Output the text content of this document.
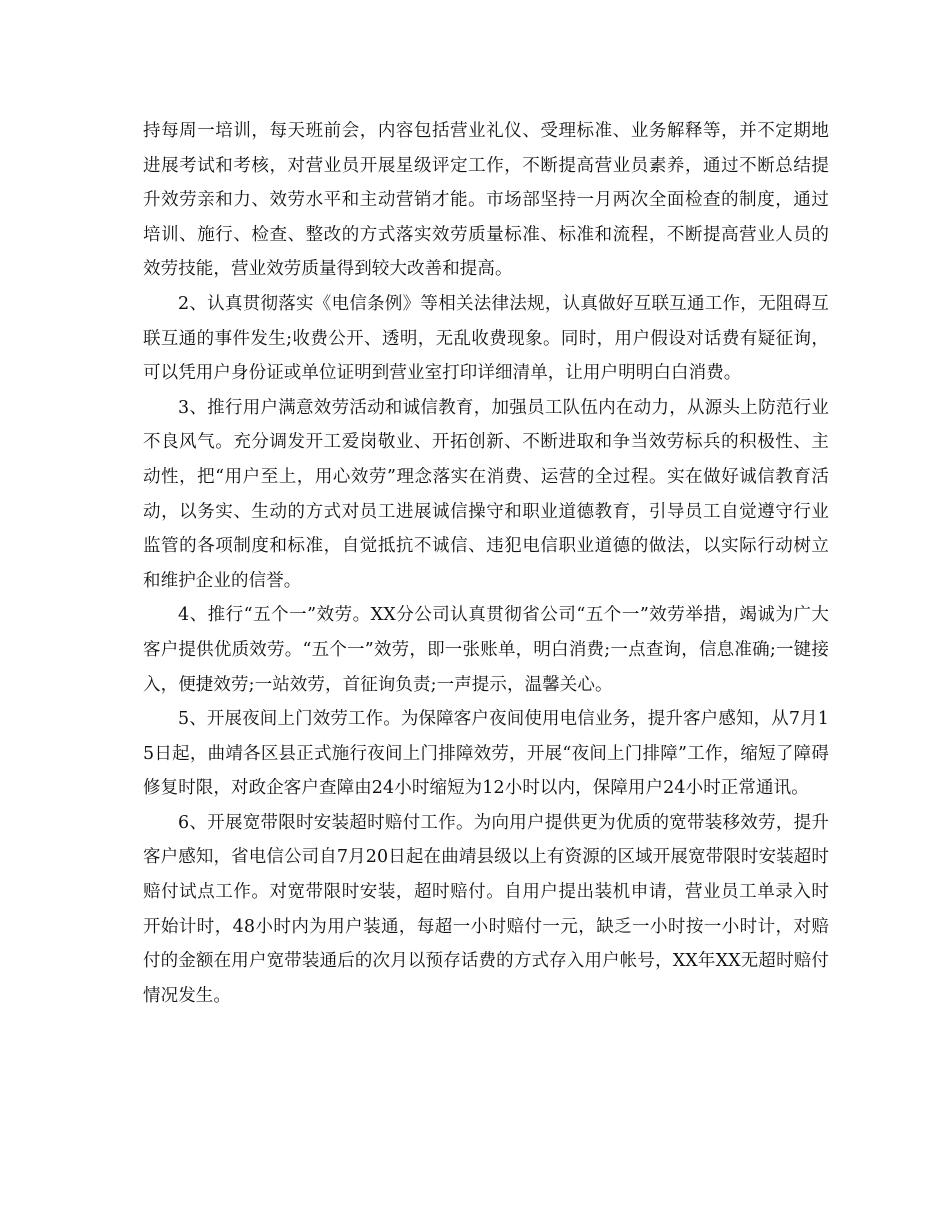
持每周一培训，每天班前会，内容包括营业礼仪、受理标准、业务解释等，并不定期地进展考试和考核，对营业员开展星级评定工作，不断提高营业员素养，通过不断总结提升效劳亲和力、效劳水平和主动营销才能。市场部坚持一月两次全面检查的制度，通过培训、施行、检查、整改的方式落实效劳质量标准、标准和流程，不断提高营业人员的效劳技能，营业效劳质量得到较大改善和提高。

2、认真贯彻落实《电信条例》等相关法律法规，认真做好互联互通工作，无阻碍互联互通的事件发生;收费公开、透明，无乱收费现象。同时，用户假设对话费有疑征询，可以凭用户身份证或单位证明到营业室打印详细清单，让用户明明白白消费。

3、推行用户满意效劳活动和诚信教育，加强员工队伍内在动力，从源头上防范行业不良风气。充分调发开工爱岗敬业、开拓创新、不断进取和争当效劳标兵的积极性、主动性，把“用户至上，用心效劳”理念落实在消费、运营的全过程。实在做好诚信教育活动，以务实、生动的方式对员工进展诚信操守和职业道德教育，引导员工自觉遵守行业监管的各项制度和标准，自觉抵抗不诚信、违犯电信职业道德的做法，以实际行动树立和维护企业的信誉。

4、推行“五个一”效劳。XX分公司认真贯彻省公司“五个一”效劳举措，竭诚为广大客户提供优质效劳。“五个一”效劳，即一张账单，明白消费;一点查询，信息准确;一键接入，便捷效劳;一站效劳，首征询负责;一声提示，温馨关心。

5、开展夜间上门效劳工作。为保障客户夜间使用电信业务，提升客户感知，从7月15日起，曲靖各区县正式施行夜间上门排障效劳，开展“夜间上门排障”工作，缩短了障碍修复时限，对政企客户查障由24小时缩短为12小时以内，保障用户24小时正常通讯。

6、开展宽带限时安装超时赔付工作。为向用户提供更为优质的宽带装移效劳，提升客户感知，省电信公司自7月20日起在曲靖县级以上有资源的区域开展宽带限时安装超时赔付试点工作。对宽带限时安装，超时赔付。自用户提出装机申请，营业员工单录入时开始计时，48小时内为用户装通，每超一小时赔付一元，缺乏一小时按一小时计，对赔付的金额在用户宽带装通后的次月以预存话费的方式存入用户帐号，XX年XX无超时赔付情况发生。
